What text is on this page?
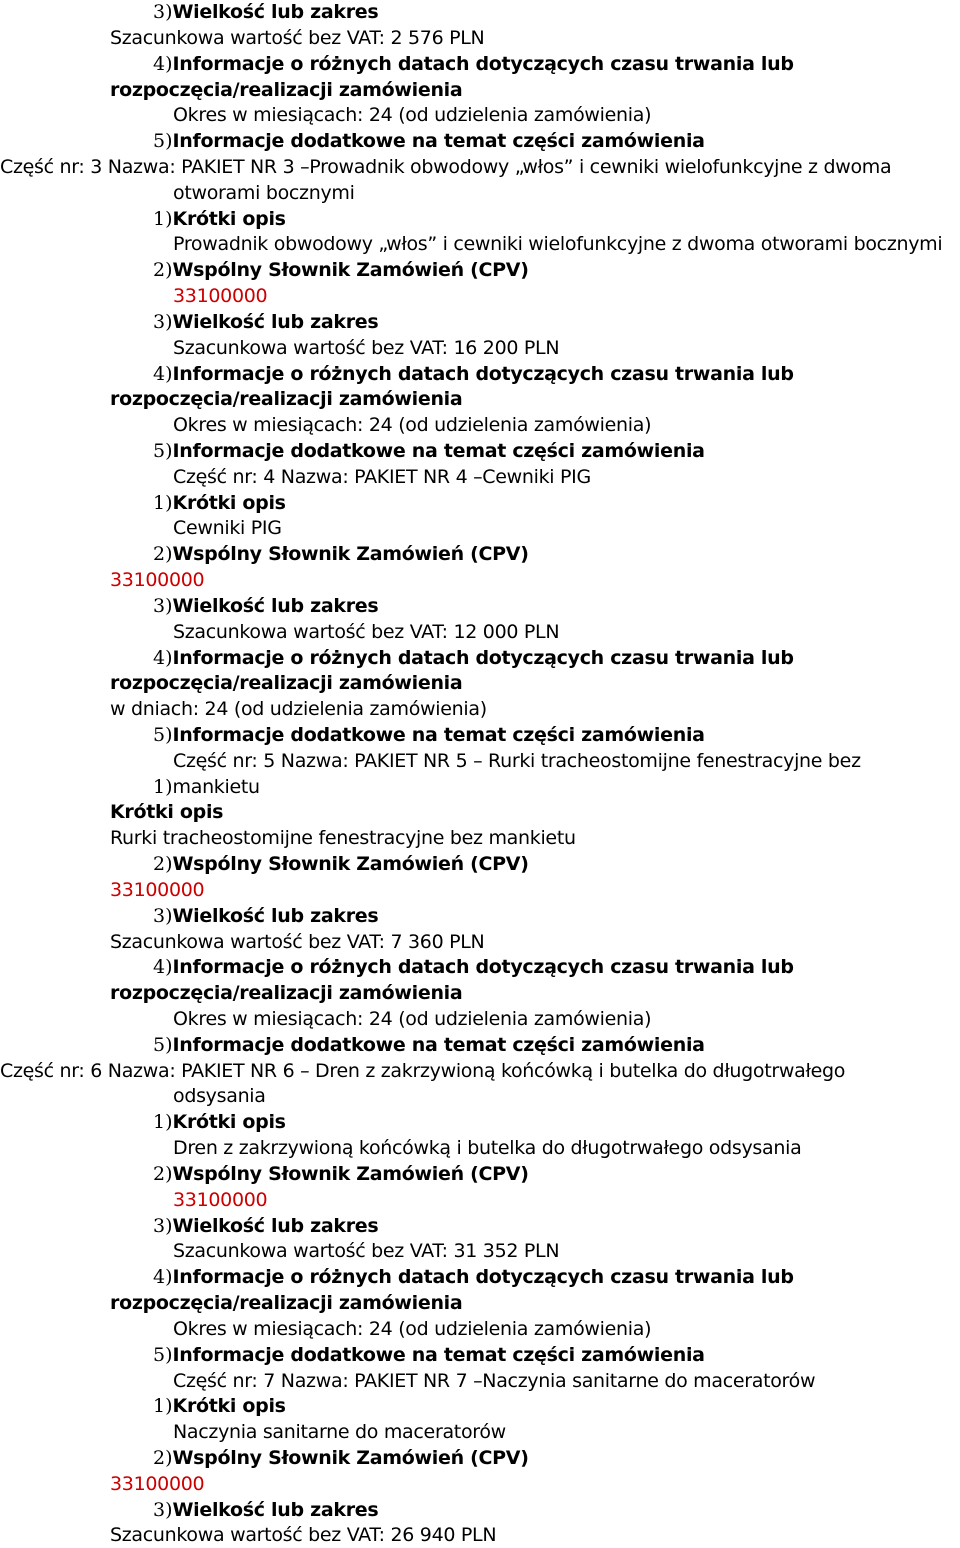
3)Wielkość lub zakres
Szacunkowa wartość bez VAT: 2 576 PLN
4)Informacje o różnych datach dotyczących czasu trwania lub
rozpoczęcia/realizacji zamówienia
Okres w miesiącach: 24 (od udzielenia zamówienia)
5)Informacje dodatkowe na temat części zamówienia
Część nr: 3 Nazwa: PAKIET NR 3 –Prowadnik obwodowy „włos” i cewniki wielofunkcyjne z dwoma
otworami bocznymi
1)Krótki opis
Prowadnik obwodowy „włos” i cewniki wielofunkcyjne z dwoma otworami bocznymi
2)Wspólny Słownik Zamówień (CPV)
33100000
3)Wielkość lub zakres
Szacunkowa wartość bez VAT: 16 200 PLN
4)Informacje o różnych datach dotyczących czasu trwania lub
rozpoczęcia/realizacji zamówienia
Okres w miesiącach: 24 (od udzielenia zamówienia)
5)Informacje dodatkowe na temat części zamówienia
Część nr: 4 Nazwa: PAKIET NR 4 –Cewniki PIG
1)Krótki opis
Cewniki PIG
2)Wspólny Słownik Zamówień (CPV)
33100000
3)Wielkość lub zakres
Szacunkowa wartość bez VAT: 12 000 PLN
4)Informacje o różnych datach dotyczących czasu trwania lub
rozpoczęcia/realizacji zamówienia
w dniach: 24 (od udzielenia zamówienia)
5)Informacje dodatkowe na temat części zamówienia
Część nr: 5 Nazwa: PAKIET NR 5 – Rurki tracheostomijne fenestracyjne bez
1)mankietu
Krótki opis
Rurki tracheostomijne fenestracyjne bez mankietu
2)Wspólny Słownik Zamówień (CPV)
33100000
3)Wielkość lub zakres
Szacunkowa wartość bez VAT: 7 360 PLN
4)Informacje o różnych datach dotyczących czasu trwania lub
rozpoczęcia/realizacji zamówienia
Okres w miesiącach: 24 (od udzielenia zamówienia)
5)Informacje dodatkowe na temat części zamówienia
Część nr: 6 Nazwa: PAKIET NR 6 – Dren z zakrzywioną końcówką i butelka do długotrwałego
odsysania
1)Krótki opis
Dren z zakrzywioną końcówką i butelka do długotrwałego odsysania
2)Wspólny Słownik Zamówień (CPV)
33100000
3)Wielkość lub zakres
Szacunkowa wartość bez VAT: 31 352 PLN
4)Informacje o różnych datach dotyczących czasu trwania lub
rozpoczęcia/realizacji zamówienia
Okres w miesiącach: 24 (od udzielenia zamówienia)
5)Informacje dodatkowe na temat części zamówienia
Część nr: 7 Nazwa: PAKIET NR 7 –Naczynia sanitarne do maceratorów
1)Krótki opis
Naczynia sanitarne do maceratorów
2)Wspólny Słownik Zamówień (CPV)
33100000
3)Wielkość lub zakres
Szacunkowa wartość bez VAT: 26 940 PLN
